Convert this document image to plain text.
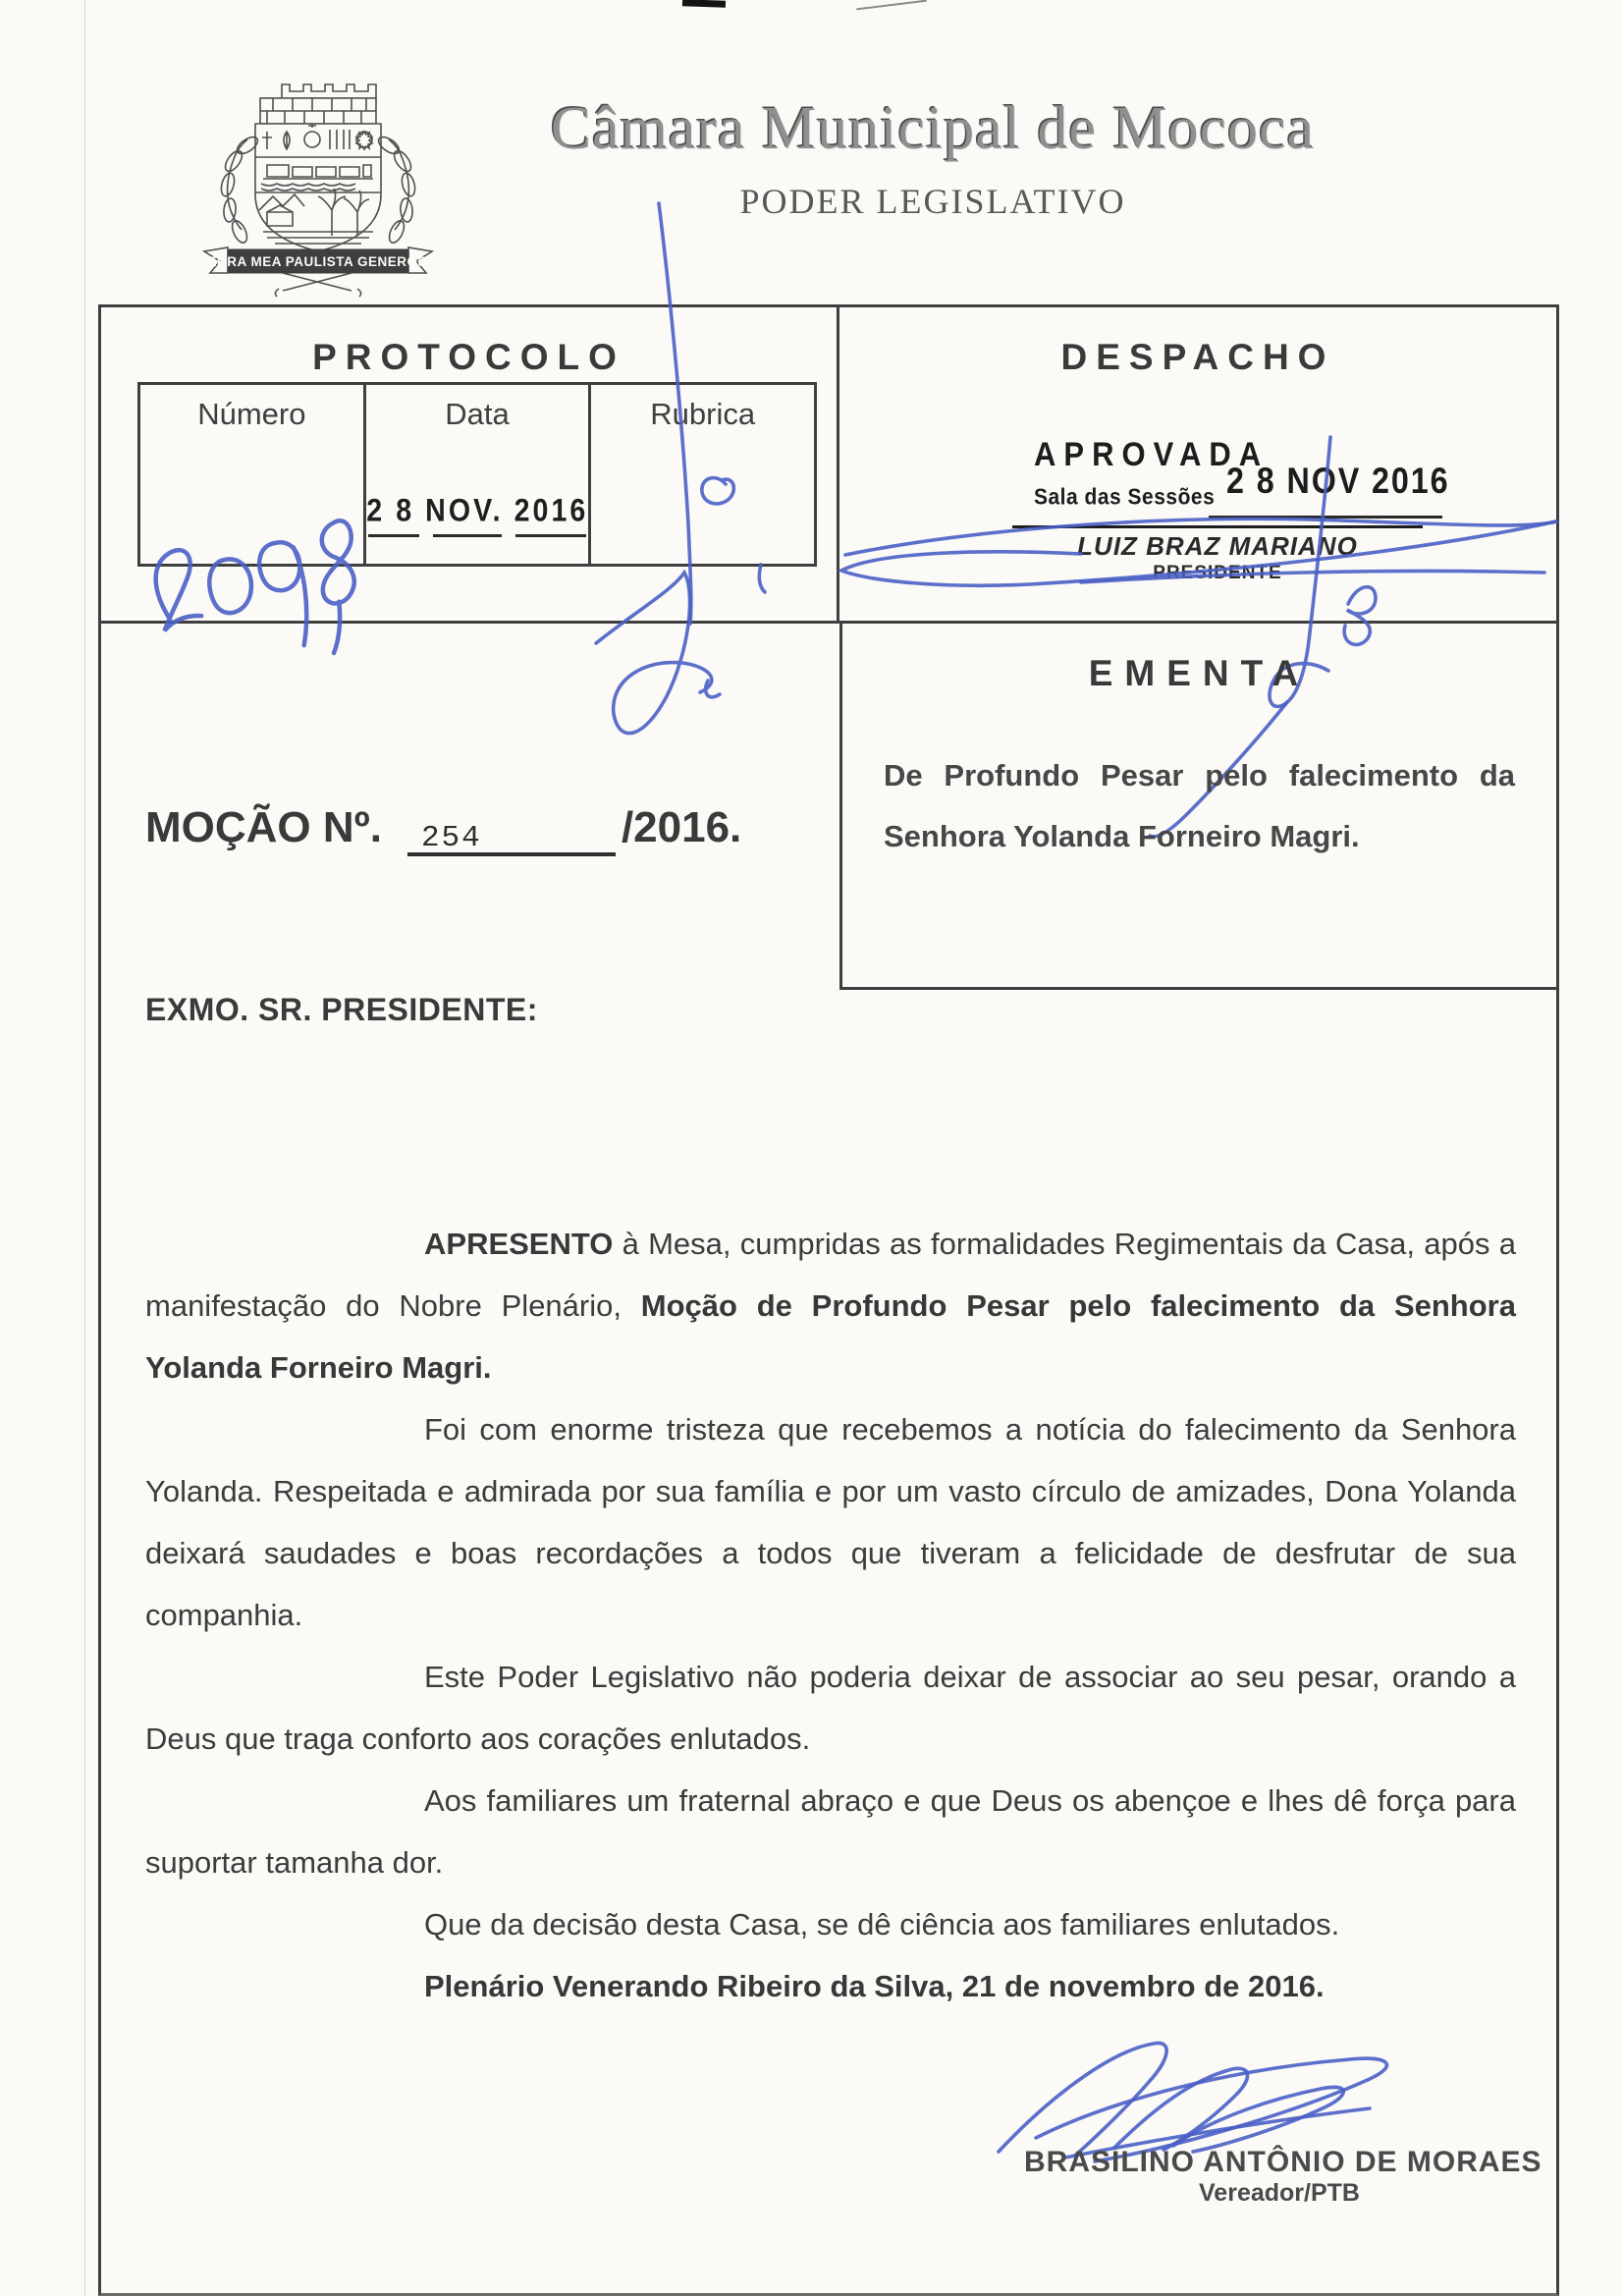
TERRA MEA PAULISTA GENEROSA
Câmara Municipal de Mococa
PODER LEGISLATIVO
PROTOCOLO
Número	Data
2 8 NOV. 2016
Rubrica
DESPACHO
APROVADA
Sala das Sessões 2 8 NOV 2016
LUIZ BRAZ MARIANO
PRESIDENTE
EMENTA
De Profundo Pesar pelo falecimento da Senhora Yolanda Forneiro Magri.
MOÇÃO Nº. 254	/2016.
EXMO. SR. PRESIDENTE:

APRESENTO à Mesa, cumpridas as formalidades Regimentais da Casa, após a manifestação do Nobre Plenário, Moção de Profundo Pesar pelo falecimento da Senhora Yolanda Forneiro Magri.

Foi com enorme tristeza que recebemos a notícia do falecimento da Senhora Yolanda. Respeitada e admirada por sua família e por um vasto círculo de amizades, Dona Yolanda deixará saudades e boas recordações a todos que tiveram a felicidade de desfrutar de sua companhia.

Este Poder Legislativo não poderia deixar de associar ao seu pesar, orando a Deus que traga conforto aos corações enlutados.

Aos familiares um fraternal abraço e que Deus os abençoe e lhes dê força para suportar tamanha dor.

Que da decisão desta Casa, se dê ciência aos familiares enlutados.

Plenário Venerando Ribeiro da Silva, 21 de novembro de 2016.

BRASILINO ANTÔNIO DE MORAES
Vereador/PTB
